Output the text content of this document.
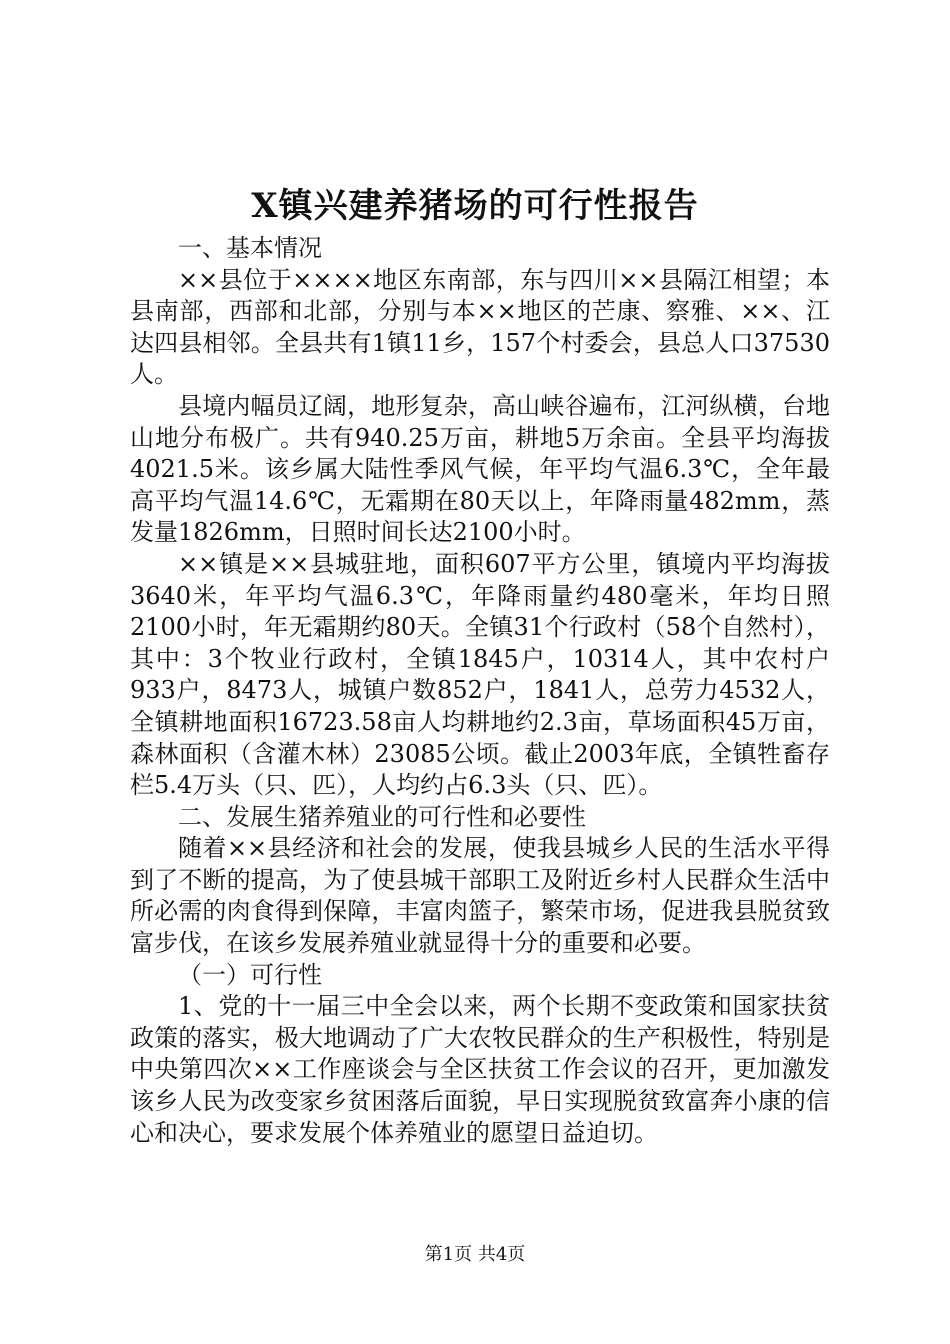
X镇兴建养猪场的可行性报告

一、基本情况

××县位于××××地区东南部，东与四川××县隔江相望；本县南部，西部和北部，分别与本××地区的芒康、察雅、××、江达四县相邻。全县共有1镇11乡，157个村委会，县总人口37530人。

县境内幅员辽阔，地形复杂，高山峡谷遍布，江河纵横，台地山地分布极广。共有940.25万亩，耕地5万余亩。全县平均海拔4021.5米。该乡属大陆性季风气候，年平均气温6.3℃，全年最高平均气温14.6℃，无霜期在80天以上，年降雨量482mm，蒸发量1826mm，日照时间长达2100小时。

××镇是××县城驻地，面积607平方公里，镇境内平均海拔3640米，年平均气温6.3℃，年降雨量约480毫米，年均日照2100小时，年无霜期约80天。全镇31个行政村（58个自然村），其中：3个牧业行政村，全镇1845户，10314人，其中农村户933户，8473人，城镇户数852户，1841人，总劳力4532人，全镇耕地面积16723.58亩人均耕地约2.3亩，草场面积45万亩，森林面积（含灌木林）23085公顷。截止2003年底，全镇牲畜存栏5.4万头（只、匹），人均约占6.3头（只、匹）。

二、发展生猪养殖业的可行性和必要性

随着××县经济和社会的发展，使我县城乡人民的生活水平得到了不断的提高，为了使县城干部职工及附近乡村人民群众生活中所必需的肉食得到保障，丰富肉篮子，繁荣市场，促进我县脱贫致富步伐，在该乡发展养殖业就显得十分的重要和必要。

（一）可行性

1、党的十一届三中全会以来，两个长期不变政策和国家扶贫政策的落实，极大地调动了广大农牧民群众的生产积极性，特别是中央第四次××工作座谈会与全区扶贫工作会议的召开，更加激发该乡人民为改变家乡贫困落后面貌，早日实现脱贫致富奔小康的信心和决心，要求发展个体养殖业的愿望日益迫切。

第1页 共4页
